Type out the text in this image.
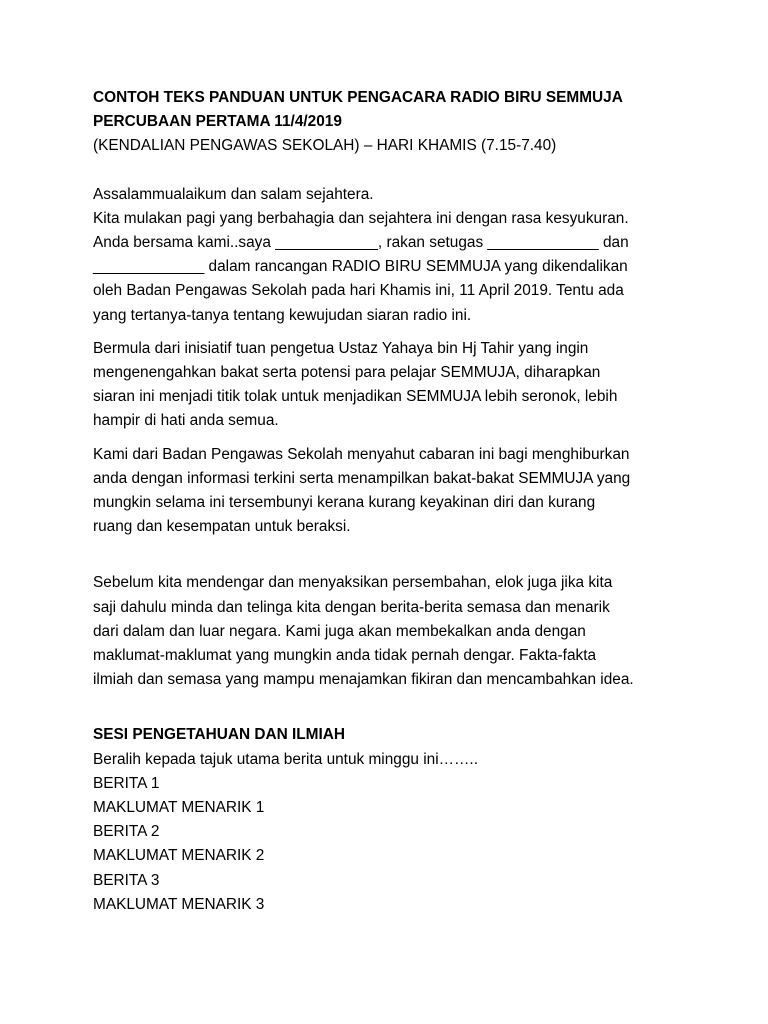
CONTOH TEKS PANDUAN UNTUK PENGACARA RADIO BIRU SEMMUJA
PERCUBAAN PERTAMA 11/4/2019
(KENDALIAN PENGAWAS SEKOLAH) – HARI KHAMIS (7.15-7.40)
Assalammualaikum dan salam sejahtera.
Kita mulakan pagi yang berbahagia dan sejahtera ini dengan rasa kesyukuran.
Anda bersama kami..saya ____________, rakan setugas _____________ dan
_____________ dalam rancangan RADIO BIRU SEMMUJA yang dikendalikan
oleh Badan Pengawas Sekolah pada hari Khamis ini, 11 April 2019. Tentu ada
yang tertanya-tanya tentang kewujudan siaran radio ini.
Bermula dari inisiatif tuan pengetua Ustaz Yahaya bin Hj Tahir yang ingin
mengenengahkan bakat serta potensi para pelajar SEMMUJA, diharapkan
siaran ini menjadi titik tolak untuk menjadikan SEMMUJA lebih seronok, lebih
hampir di hati anda semua.
Kami dari Badan Pengawas Sekolah menyahut cabaran ini bagi menghiburkan
anda dengan informasi terkini serta menampilkan bakat-bakat SEMMUJA yang
mungkin selama ini tersembunyi kerana kurang keyakinan diri dan kurang
ruang dan kesempatan untuk beraksi.
Sebelum kita mendengar dan menyaksikan persembahan, elok juga jika kita
saji dahulu minda dan telinga kita dengan berita-berita semasa dan menarik
dari dalam dan luar negara. Kami juga akan membekalkan anda dengan
maklumat-maklumat yang mungkin anda tidak pernah dengar. Fakta-fakta
ilmiah dan semasa yang mampu menajamkan fikiran dan mencambahkan idea.
SESI PENGETAHUAN DAN ILMIAH
Beralih kepada tajuk utama berita untuk minggu ini……..
BERITA 1
MAKLUMAT MENARIK 1
BERITA 2
MAKLUMAT MENARIK 2
BERITA 3
MAKLUMAT MENARIK 3
